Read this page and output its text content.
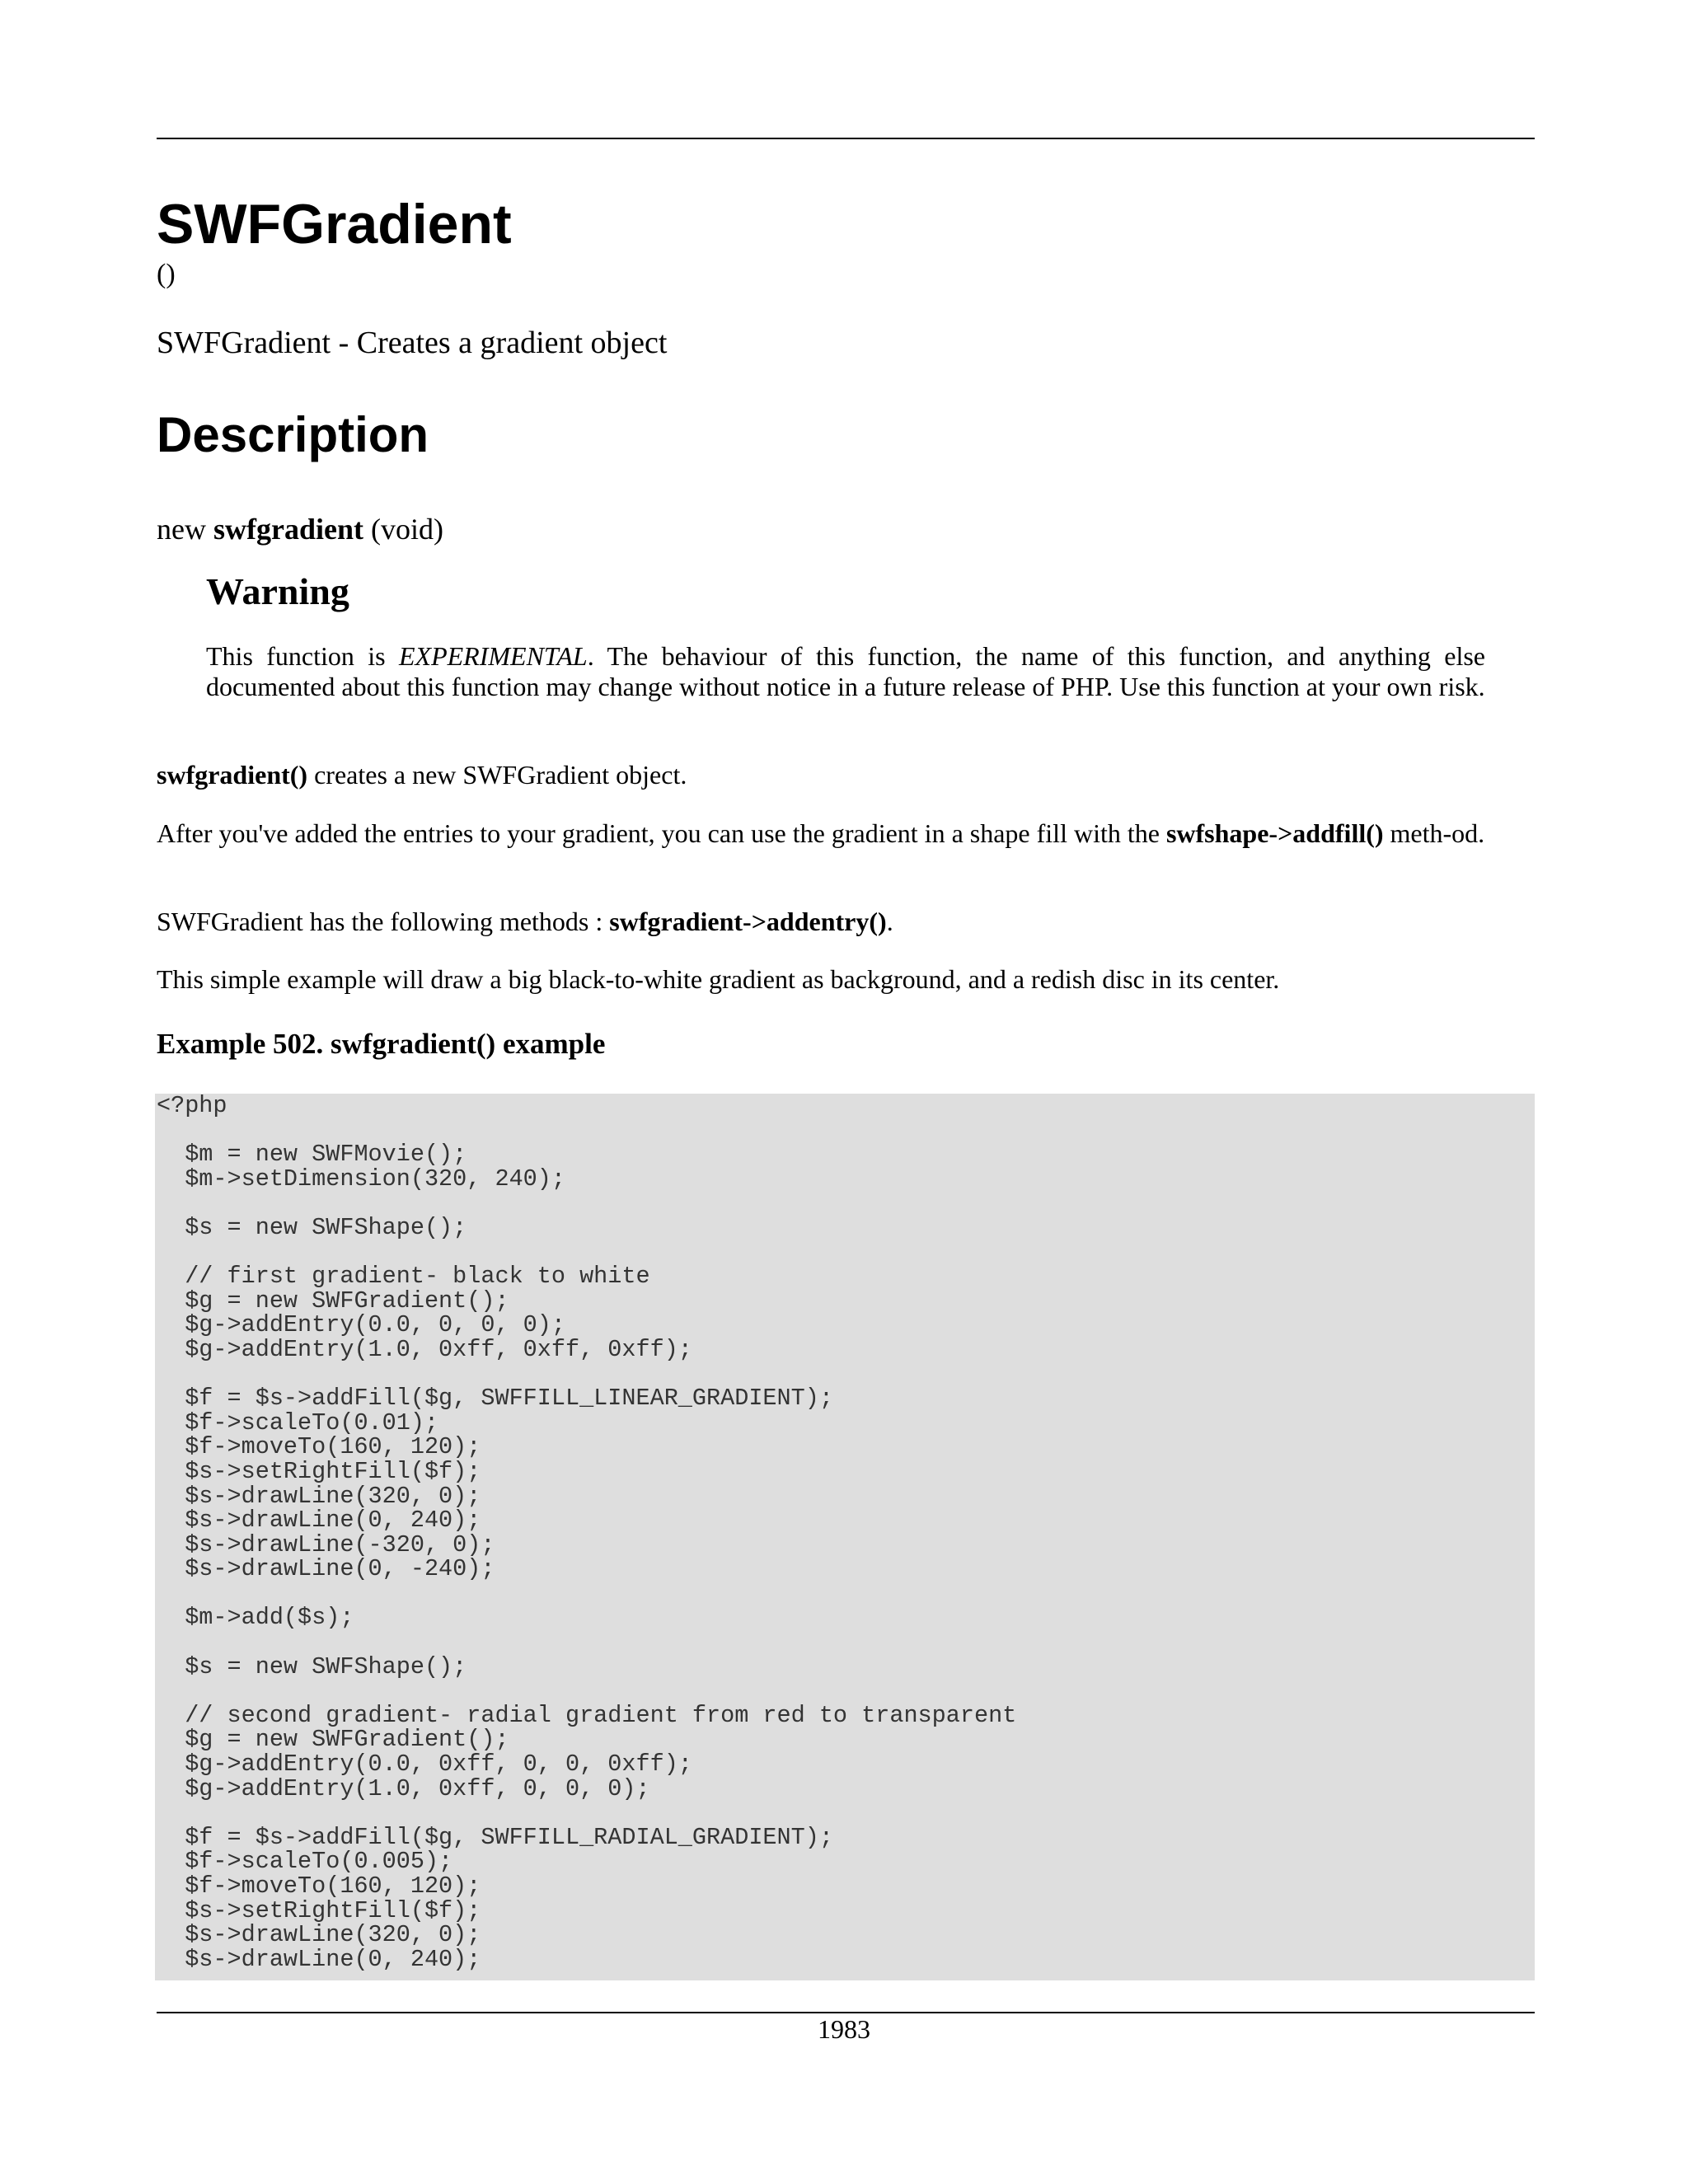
SWFGradient
()
SWFGradient - Creates a gradient object
Description
new swfgradient (void)
Warning
This function is EXPERIMENTAL. The behaviour of this function, the name of this function, and anything else documented about this function may change without notice in a future release of PHP. Use this function at your own risk.
swfgradient() creates a new SWFGradient object.
After you've added the entries to your gradient, you can use the gradient in a shape fill with the swfshape->addfill() meth-od.
SWFGradient has the following methods : swfgradient->addentry().
This simple example will draw a big black-to-white gradient as background, and a redish disc in its center.
Example 502. swfgradient() example
<?php

$m = new SWFMovie();
$m->setDimension(320, 240);

$s = new SWFShape();

// first gradient- black to white
$g = new SWFGradient();
$g->addEntry(0.0, 0, 0, 0);
$g->addEntry(1.0, 0xff, 0xff, 0xff);

$f = $s->addFill($g, SWFFILL_LINEAR_GRADIENT);
$f->scaleTo(0.01);
$f->moveTo(160, 120);
$s->setRightFill($f);
$s->drawLine(320, 0);
$s->drawLine(0, 240);
$s->drawLine(-320, 0);
$s->drawLine(0, -240);

$m->add($s);

$s = new SWFShape();

// second gradient- radial gradient from red to transparent
$g = new SWFGradient();
$g->addEntry(0.0, 0xff, 0, 0, 0xff);
$g->addEntry(1.0, 0xff, 0, 0, 0);

$f = $s->addFill($g, SWFFILL_RADIAL_GRADIENT);
$f->scaleTo(0.005);
$f->moveTo(160, 120);
$s->setRightFill($f);
$s->drawLine(320, 0);
$s->drawLine(0, 240);
1983
